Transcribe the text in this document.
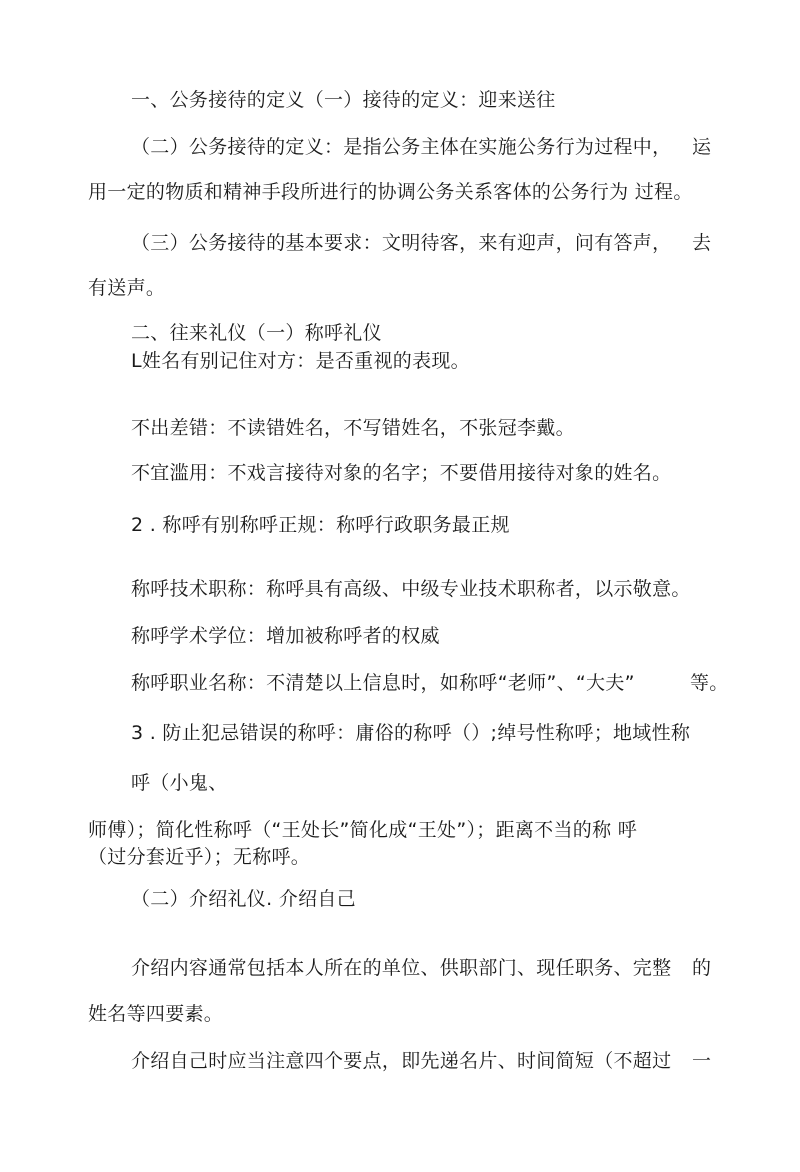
一、公务接待的定义（一）接待的定义：迎来送往
（二）公务接待的定义：是指公务主体在实施公务行为过程中， 运
用一定的物质和精神手段所进行的协调公务关系客体的公务行为 过程。
（三）公务接待的基本要求：文明待客，来有迎声，问有答声， 去
有送声。
二、往来礼仪（一）称呼礼仪
L姓名有别记住对方：是否重视的表现。
不出差错：不读错姓名，不写错姓名，不张冠李戴。
不宜滥用：不戏言接待对象的名字；不要借用接待对象的姓名。
2 . 称呼有别称呼正规：称呼行政职务最正规
称呼技术职称：称呼具有高级、中级专业技术职称者，以示敬意。
称呼学术学位：增加被称呼者的权威
称呼职业名称：不清楚以上信息时，如称呼“老师”、“大夫”	等。
3 . 防止犯忌错误的称呼：庸俗的称呼（）;绰号性称呼；地域性称
呼（小鬼、
师傅）；简化性称呼（“王处长”简化成“王处”）；距离不当的称 呼
（过分套近乎）；无称呼。
（二）介绍礼仪. 介绍自己
介绍内容通常包括本人所在的单位、供职部门、现任职务、完整 的
姓名等四要素。
介绍自己时应当注意四个要点，即先递名片、时间简短（不超过 一
